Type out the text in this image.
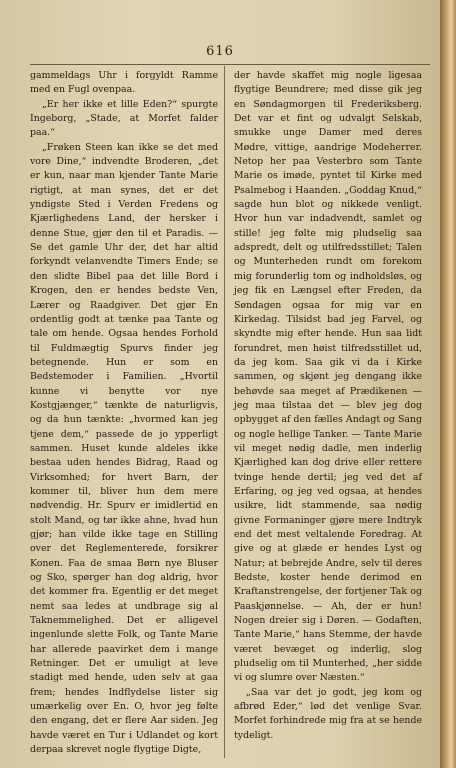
616

gammeldags Uhr i forgyldt Ramme med en Fugl ovenpaa.

„Er her ikke et lille Eden?“ spurgte Ingeborg, „Stade, at Morfet falder paa.“

„Frøken Steen kan ikke se det med vore Dine,“ indvendte Broderen, „det er kun, naar man kjender Tante Marie rigtigt, at man synes, det er det yndigste Sted i Verden Fredens og Kjærlighedens Land, der hersker i denne Stue, gjør den til et Paradis. — Se det gamle Uhr der, det har altid forkyndt velanvendte Timers Ende; se den slidte Bibel paa det lille Bord i Krogen, den er hendes bedste Ven, Lærer og Raadgiver. Det gjør En ordentlig godt at tænke paa Tante og tale om hende. Ogsaa hendes Forhold til Fuldmægtig Spurvs finder jeg betegnende. Hun er som en Bedstemoder i Familien. „Hvortil kunne vi benytte vor nye Kostgjænger,“ tænkte de naturligvis, og da hun tænkte: „hvormed kan jeg tjene dem,“ passede de jo ypperligt sammen. Huset kunde aldeles ikke bestaa uden hendes Bidrag, Raad og Virksomhed; for hvert Barn, der kommer til, bliver hun dem mere nødvendig. Hr. Spurv er imidlertid en stolt Mand, og tør ikke ahne, hvad hun gjør; han vilde ikke tage en Stilling over det Reglementerede, forsikrer Konen. Faa de smaa Børn nye Bluser og Sko, spørger han dog aldrig, hvor det kommer fra. Egentlig er det meget nemt saa ledes at undbrage sig al Taknemmelighed. Det er alligevel ingenlunde slette Folk, og Tante Marie har allerede paavirket dem i mange Retninger. Det er umuligt at leve stadigt med hende, uden selv at gaa frem; hendes Indflydelse lister sig umærkelig over En. O, hvor jeg følte den engang, det er flere Aar siden. Jeg havde været en Tur i Udlandet og kort derpaa skrevet nogle flygtige Digte,

der havde skaffet mig nogle ligesaa flygtige Beundrere; med disse gik jeg en Søndagmorgen til Frederiksberg. Det var et fint og udvalgt Selskab, smukke unge Damer med deres Mødre, vittige, aandrige Modeherrer. Netop her paa Vesterbro som Tante Marie os imøde, pyntet til Kirke med Psalmebog i Haanden. „Goddag Knud,“ sagde hun blot og nikkede venligt. Hvor hun var indadvendt, samlet og stille! jeg følte mig pludselig saa adspredt, delt og utilfredsstillet; Talen og Munterheden rundt om forekom mig forunderlig tom og indholdsløs, og jeg fik en Længsel efter Freden, da Søndagen ogsaa for mig var en Kirkedag. Tilsidst bad jeg Farvel, og skyndte mig efter hende. Hun saa lidt forundret, men høist tilfredsstillet ud, da jeg kom. Saa gik vi da i Kirke sammen, og skjønt jeg dengang ikke behøvde saa meget af Prædikenen — jeg maa tilstaa det — blev jeg dog opbygget af den fælles Andagt og Sang og nogle hellige Tanker. — Tante Marie vil meget nødig dadle, men inderlig Kjærlighed kan dog drive eller rettere tvinge hende dertil; jeg ved det af Erfaring, og jeg ved ogsaa, at hendes usikre, lidt stammende, saa nødig givne Formaninger gjøre mere Indtryk end det mest veltalende Foredrag. At give og at glæde er hendes Lyst og Natur; at bebrejde Andre, selv til deres Bedste, koster hende derimod en Kraftanstrengelse, der fortjener Tak og Paaskjønnelse. — Ah, der er hun! Nogen dreier sig i Døren. — Godaften, Tante Marie,“ hans Stemme, der havde været bevæget og inderlig, slog pludselig om til Munterhed, „her sidde vi og slumre over Næsten.“

„Saa var det jo godt, jeg kom og afbrød Eder,“ lød det venlige Svar. Morfet forhindrede mig fra at se hende tydeligt.
